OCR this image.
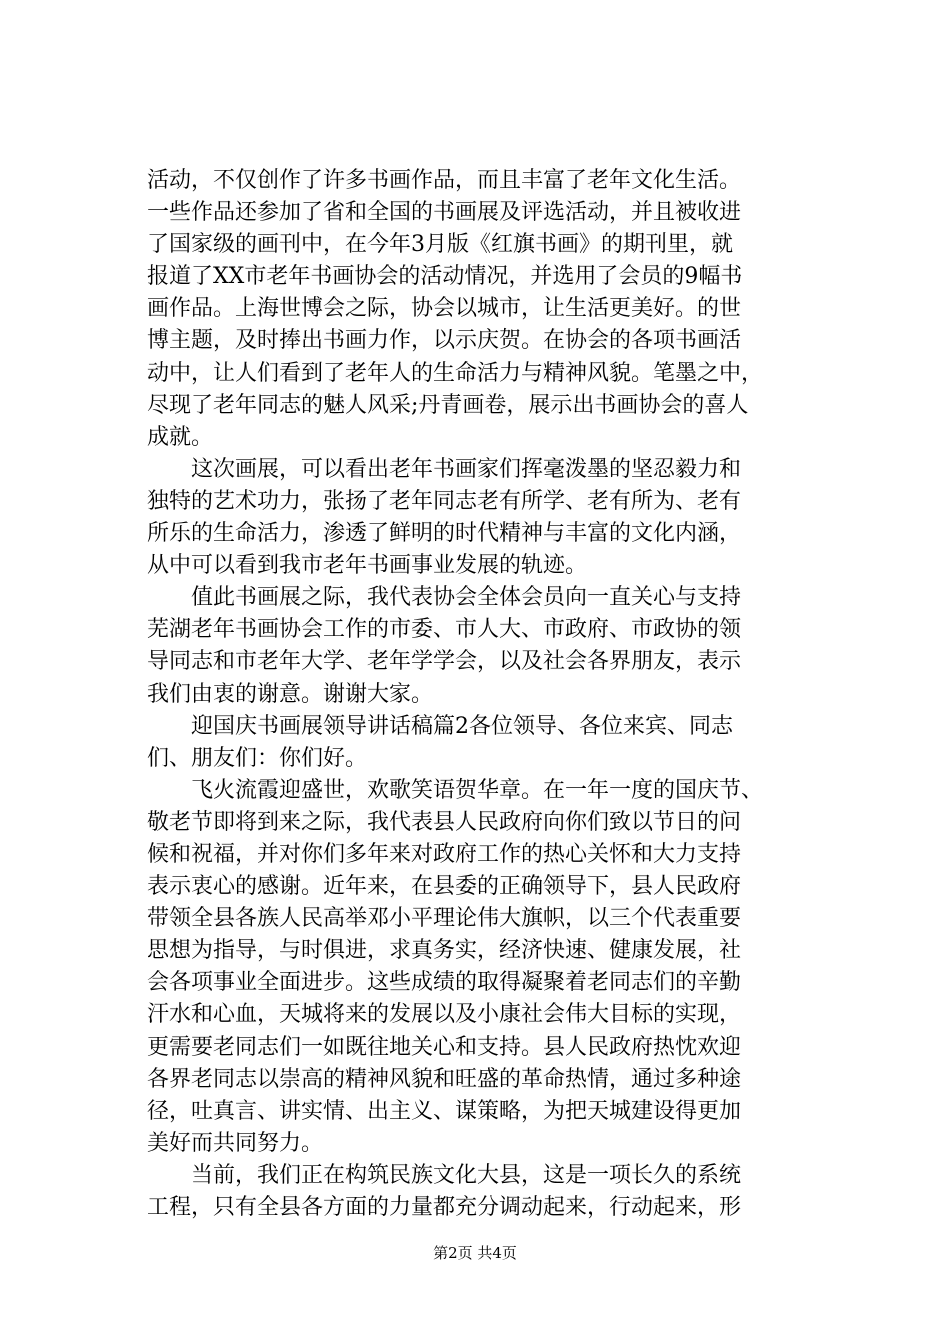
活动，不仅创作了许多书画作品，而且丰富了老年文化生活。
一些作品还参加了省和全国的书画展及评选活动，并且被收进
了国家级的画刊中，在今年3月版《红旗书画》的期刊里，就
报道了XX市老年书画协会的活动情况，并选用了会员的9幅书
画作品。上海世博会之际，协会以城市，让生活更美好。的世
博主题，及时捧出书画力作，以示庆贺。在协会的各项书画活
动中，让人们看到了老年人的生命活力与精神风貌。笔墨之中，
尽现了老年同志的魅人风采;丹青画卷，展示出书画协会的喜人
成就。
　　这次画展，可以看出老年书画家们挥毫泼墨的坚忍毅力和
独特的艺术功力，张扬了老年同志老有所学、老有所为、老有
所乐的生命活力，渗透了鲜明的时代精神与丰富的文化内涵，
从中可以看到我市老年书画事业发展的轨迹。
　　值此书画展之际，我代表协会全体会员向一直关心与支持
芜湖老年书画协会工作的市委、市人大、市政府、市政协的领
导同志和市老年大学、老年学学会，以及社会各界朋友，表示
我们由衷的谢意。谢谢大家。
　　迎国庆书画展领导讲话稿篇2各位领导、各位来宾、同志
们、朋友们：你们好。
　　飞火流霞迎盛世，欢歌笑语贺华章。在一年一度的国庆节、
敬老节即将到来之际，我代表县人民政府向你们致以节日的问
候和祝福，并对你们多年来对政府工作的热心关怀和大力支持
表示衷心的感谢。近年来，在县委的正确领导下，县人民政府
带领全县各族人民高举邓小平理论伟大旗帜，以三个代表重要
思想为指导，与时俱进，求真务实，经济快速、健康发展，社
会各项事业全面进步。这些成绩的取得凝聚着老同志们的辛勤
汗水和心血，天城将来的发展以及小康社会伟大目标的实现，
更需要老同志们一如既往地关心和支持。县人民政府热忱欢迎
各界老同志以崇高的精神风貌和旺盛的革命热情，通过多种途
径，吐真言、讲实情、出主义、谋策略，为把天城建设得更加
美好而共同努力。
　　当前，我们正在构筑民族文化大县，这是一项长久的系统
工程，只有全县各方面的力量都充分调动起来，行动起来，形
第2页 共4页
